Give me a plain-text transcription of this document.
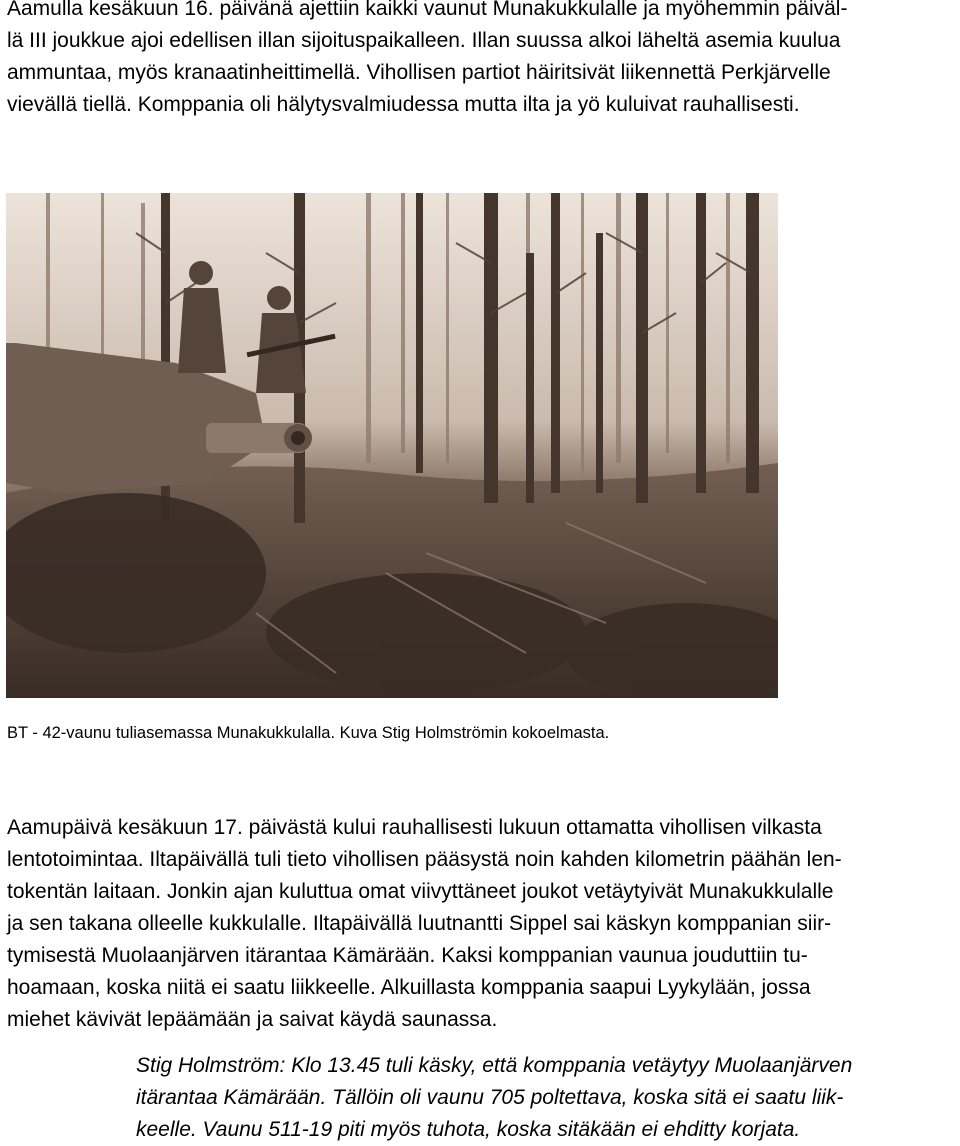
Aamulla kesäkuun 16. päivänä ajettiin kaikki vaunut Munakukkulalle ja myöhemmin päiväl-
lä III joukkue ajoi edellisen illan sijoituspaikalleen. Illan suussa alkoi läheltä asemia kuulua
ammuntaa, myös kranaatinheittimellä. Vihollisen partiot häiritsivät liikennettä Perkjärvelle
vievällä tiellä. Komppania oli hälytysvalmiudessa mutta ilta ja yö kuluivat rauhallisesti.
BT - 42-vaunu tuliasemassa Munakukkulalla. Kuva Stig Holmströmin kokoelmasta.
Aamupäivä kesäkuun 17. päivästä kului rauhallisesti lukuun ottamatta vihollisen vilkasta
lentotoimintaa. Iltapäivällä tuli tieto vihollisen pääsystä noin kahden kilometrin päähän len-
tokentän laitaan. Jonkin ajan kuluttua omat viivyttäneet joukot vetäytyivät Munakukkulalle
ja sen takana olleelle kukkulalle. Iltapäivällä luutnantti Sippel sai käskyn komppanian siir-
tymisestä Muolaanjärven itärantaa Kämärään. Kaksi komppanian vaunua jouduttiin tu-
hoamaan, koska niitä ei saatu liikkeelle. Alkuillasta komppania saapui Lyykylään, jossa
miehet kävivät lepäämään ja saivat käydä saunassa.
Stig Holmström: Klo 13.45 tuli käsky, että komppania vetäytyy Muolaanjärven
itärantaa Kämärään. Tällöin oli vaunu 705 poltettava, koska sitä ei saatu liik-
keelle. Vaunu 511-19 piti myös tuhota, koska sitäkään ei ehditty korjata.
